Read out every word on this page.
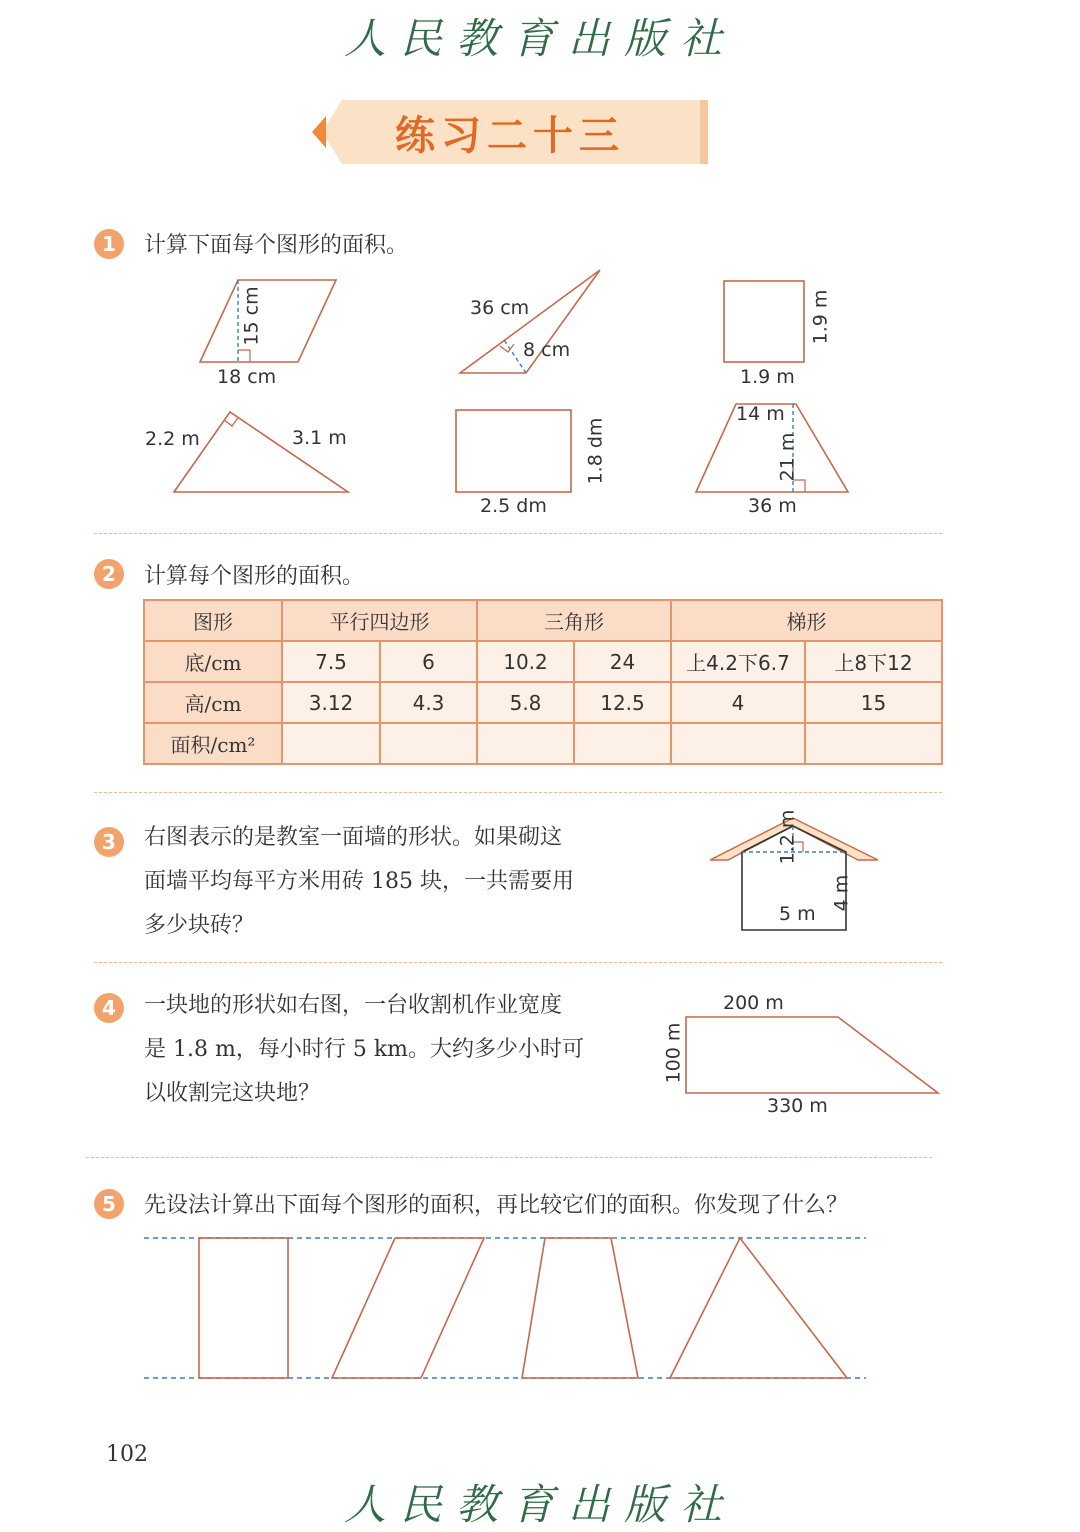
人民教育出版社
人民教育出版社
练习二十三
1	计算下面每个图形的面积。
15 cm
18 cm
36 cm
8 cm
1.9 m
1.9 m
2.2 m	3.1 m	1.8 dm
2.5 dm
14 m
21 m
36 m
2	计算每个图形的面积。
图形	平行四边形		三角形		梯形	
底/cm	7.5	6	10.2	24	上4.2下6.7	上8下12
高/cm	3.12	4.3	5.8	12.5	4	15
面积/cm²						
3	右图表示的是教室一面墙的形状。如果砌这
面墙平均每平方米用砖 185 块，一共需要用
多少块砖？
1.2 m
5 m
4 m
4	一块地的形状如右图，一台收割机作业宽度
是 1.8 m，每小时行 5 km。大约多少小时可
以收割完这块地？
200 m
100 m
330 m
5	先设法计算出下面每个图形的面积，再比较它们的面积。你发现了什么？
102
